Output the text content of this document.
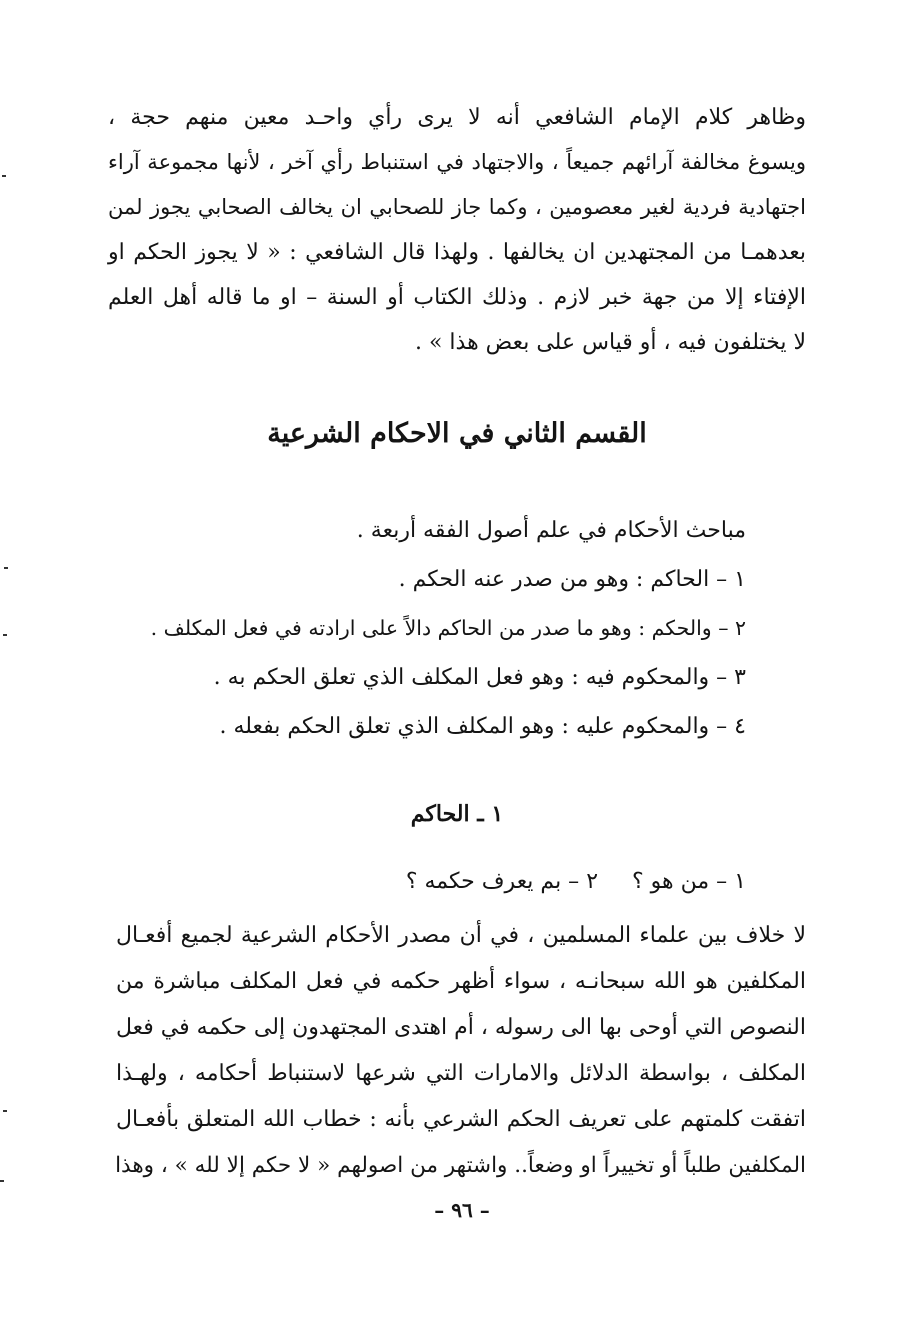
وظاهر كلام الإمام الشافعي أنه لا يرى رأي واحـد معين منهم حجة ،
ويسوغ مخالفة آرائهم جميعاً ، والاجتهاد في استنباط رأي آخر ، لأنها مجموعة آراء
اجتهادية فردية لغير معصومين ، وكما جاز للصحابي ان يخالف الصحابي يجوز لمن
بعدهمـا من المجتهدين ان يخالفها . ولهذا قال الشافعي : « لا يجوز الحكم او
الإفتاء إلا من جهة خبر لازم . وذلك الكتاب أو السنة – او ما قاله أهل العلم
لا يختلفون فيه ، أو قياس على بعض هذا » .
القسم الثاني في الاحكام الشرعية
مباحث الأحكام في علم أصول الفقه أربعة .
١ – الحاكم : وهو من صدر عنه الحكم .
٢ – والحكم : وهو ما صدر من الحاكم دالاً على ارادته في فعل المكلف .
٣ – والمحكوم فيه : وهو فعل المكلف الذي تعلق الحكم به .
٤ – والمحكوم عليه : وهو المكلف الذي تعلق الحكم بفعله .
١ ـ الحاكم
١ – من هو ؟٢ – بم يعرف حكمه ؟
لا خلاف بين علماء المسلمين ، في أن مصدر الأحكام الشرعية لجميع أفعـال
المكلفين هو الله سبحانـه ، سواء أظهر حكمه في فعل المكلف مباشرة من
النصوص التي أوحى بها الى رسوله ، أم اهتدى المجتهدون إلى حكمه في فعل
المكلف ، بواسطة الدلائل والامارات التي شرعها لاستنباط أحكامه ، ولهـذا
اتفقت كلمتهم على تعريف الحكم الشرعي بأنه : خطاب الله المتعلق بأفعـال
المكلفين طلباً أو تخييراً او وضعاً.. واشتهر من اصولهم « لا حكم إلا لله » ، وهذا
– ٩٦ –
